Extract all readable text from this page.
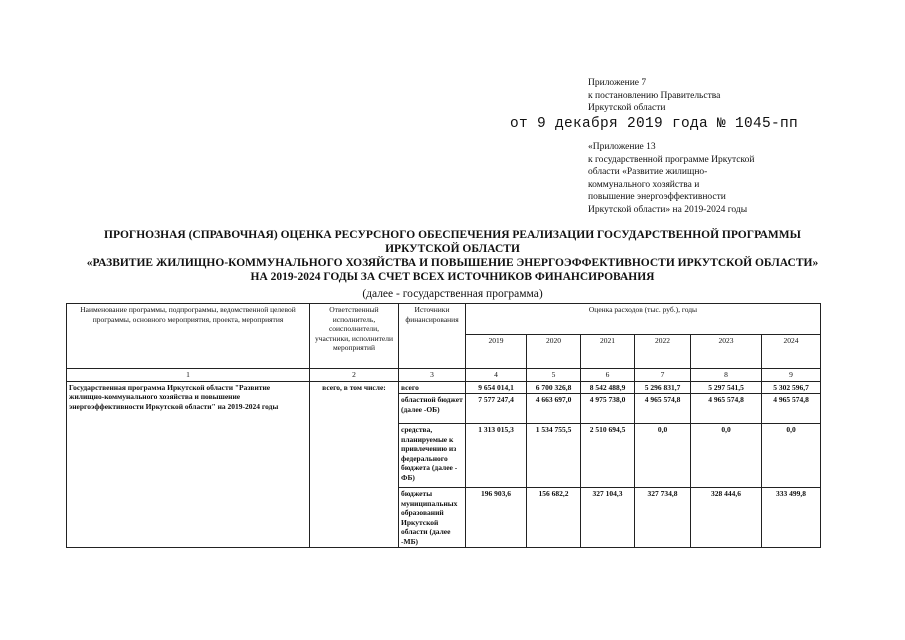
Приложение 7
к постановлению Правительства
Иркутской области
от 9 декабря 2019 года № 1045-пп
«Приложение 13
к государственной программе Иркутской
области «Развитие жилищно-
коммунального хозяйства и
повышение энергоэффективности
Иркутской области» на 2019-2024 годы
ПРОГНОЗНАЯ (СПРАВОЧНАЯ) ОЦЕНКА РЕСУРСНОГО ОБЕСПЕЧЕНИЯ РЕАЛИЗАЦИИ ГОСУДАРСТВЕННОЙ ПРОГРАММЫ
ИРКУТСКОЙ ОБЛАСТИ
«РАЗВИТИЕ ЖИЛИЩНО-КОММУНАЛЬНОГО ХОЗЯЙСТВА И ПОВЫШЕНИЕ ЭНЕРГОЭФФЕКТИВНОСТИ ИРКУТСКОЙ ОБЛАСТИ»
НА 2019-2024 ГОДЫ ЗА СЧЕТ ВСЕХ ИСТОЧНИКОВ ФИНАНСИРОВАНИЯ
(далее - государственная программа)
Наименование программы, подпрограммы, ведомственной целевой программы, основного мероприятия, проекта, мероприятия	Ответственный исполнитель, соисполнители, участники, исполнители мероприятий	Источники финансирования	Оценка расходов (тыс. руб.), годы					
			2019	2020	2021	2022	2023	2024
1	2	3	4	5	6	7	8	9
Государственная программа Иркутской области "Развитие жилищно-коммунального хозяйства и повышение энергоэффективности Иркутской области" на 2019-2024 годы	всего, в том числе:	всего	9 654 014,1	6 700 326,8	8 542 488,9	5 296 831,7	5 297 541,5	5 302 596,7
		областной бюджет (далее -ОБ)	7 577 247,4	4 663 697,0	4 975 738,0	4 965 574,8	4 965 574,8	4 965 574,8
		средства, планируемые к привлечению из федерального бюджета (далее - ФБ)	1 313 015,3	1 534 755,5	2 510 694,5	0,0	0,0	0,0
		бюджеты муниципальных образований Иркутской области (далее -МБ)	196 903,6	156 682,2	327 104,3	327 734,8	328 444,6	333 499,8
